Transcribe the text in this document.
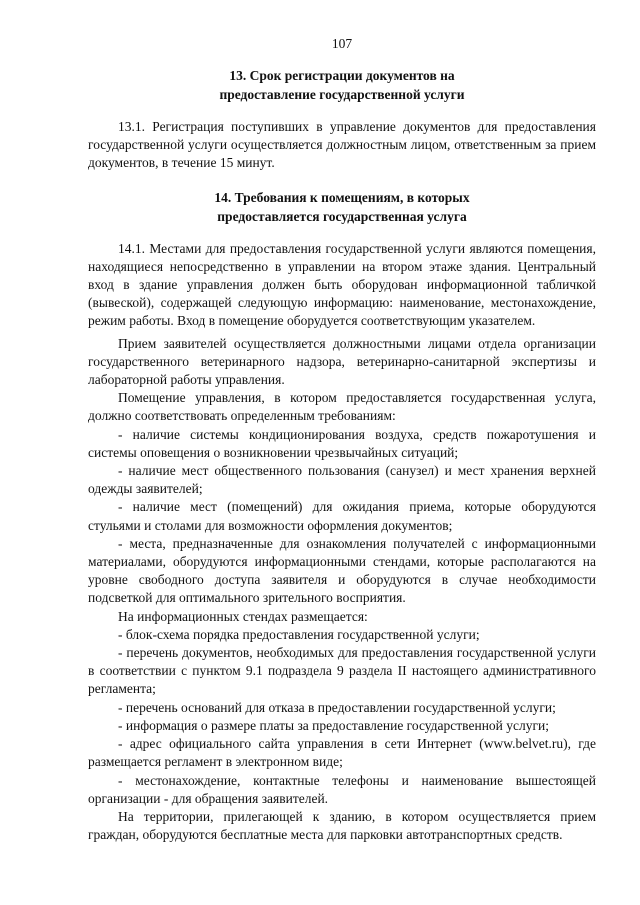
107
13. Срок регистрации документов на
предоставление государственной услуги

13.1. Регистрация поступивших в управление документов для предоставления государственной услуги осуществляется должностным лицом, ответственным за прием документов, в течение 15 минут.

14. Требования к помещениям, в которых
предоставляется государственная услуга

14.1. Местами для предоставления государственной услуги являются помещения, находящиеся непосредственно в управлении на втором этаже здания. Центральный вход в здание управления должен быть оборудован информационной табличкой (вывеской), содержащей следующую информацию: наименование, местонахождение, режим работы. Вход в помещение оборудуется соответствующим указателем.

Прием заявителей осуществляется должностными лицами отдела организации государственного ветеринарного надзора, ветеринарно-санитарной экспертизы и лабораторной работы управления.

Помещение управления, в котором предоставляется государственная услуга, должно соответствовать определенным требованиям:

- наличие системы кондиционирования воздуха, средств пожаротушения и системы оповещения о возникновении чрезвычайных ситуаций;

- наличие мест общественного пользования (санузел) и мест хранения верхней одежды заявителей;

- наличие мест (помещений) для ожидания приема, которые оборудуются стульями и столами для возможности оформления документов;

- места, предназначенные для ознакомления получателей с информационными материалами, оборудуются информационными стендами, которые располагаются на уровне свободного доступа заявителя и оборудуются в случае необходимости подсветкой для оптимального зрительного восприятия.

На информационных стендах размещается:

- блок-схема порядка предоставления государственной услуги;

- перечень документов, необходимых для предоставления государственной услуги в соответствии с пунктом 9.1 подраздела 9 раздела II настоящего административного регламента;

- перечень оснований для отказа в предоставлении государственной услуги;

- информация о размере платы за предоставление государственной услуги;

- адрес официального сайта управления в сети Интернет (www.belvet.ru), где размещается регламент в электронном виде;

- местонахождение, контактные телефоны и наименование вышестоящей организации - для обращения заявителей.

На территории, прилегающей к зданию, в котором осуществляется прием граждан, оборудуются бесплатные места для парковки автотранспортных средств.
